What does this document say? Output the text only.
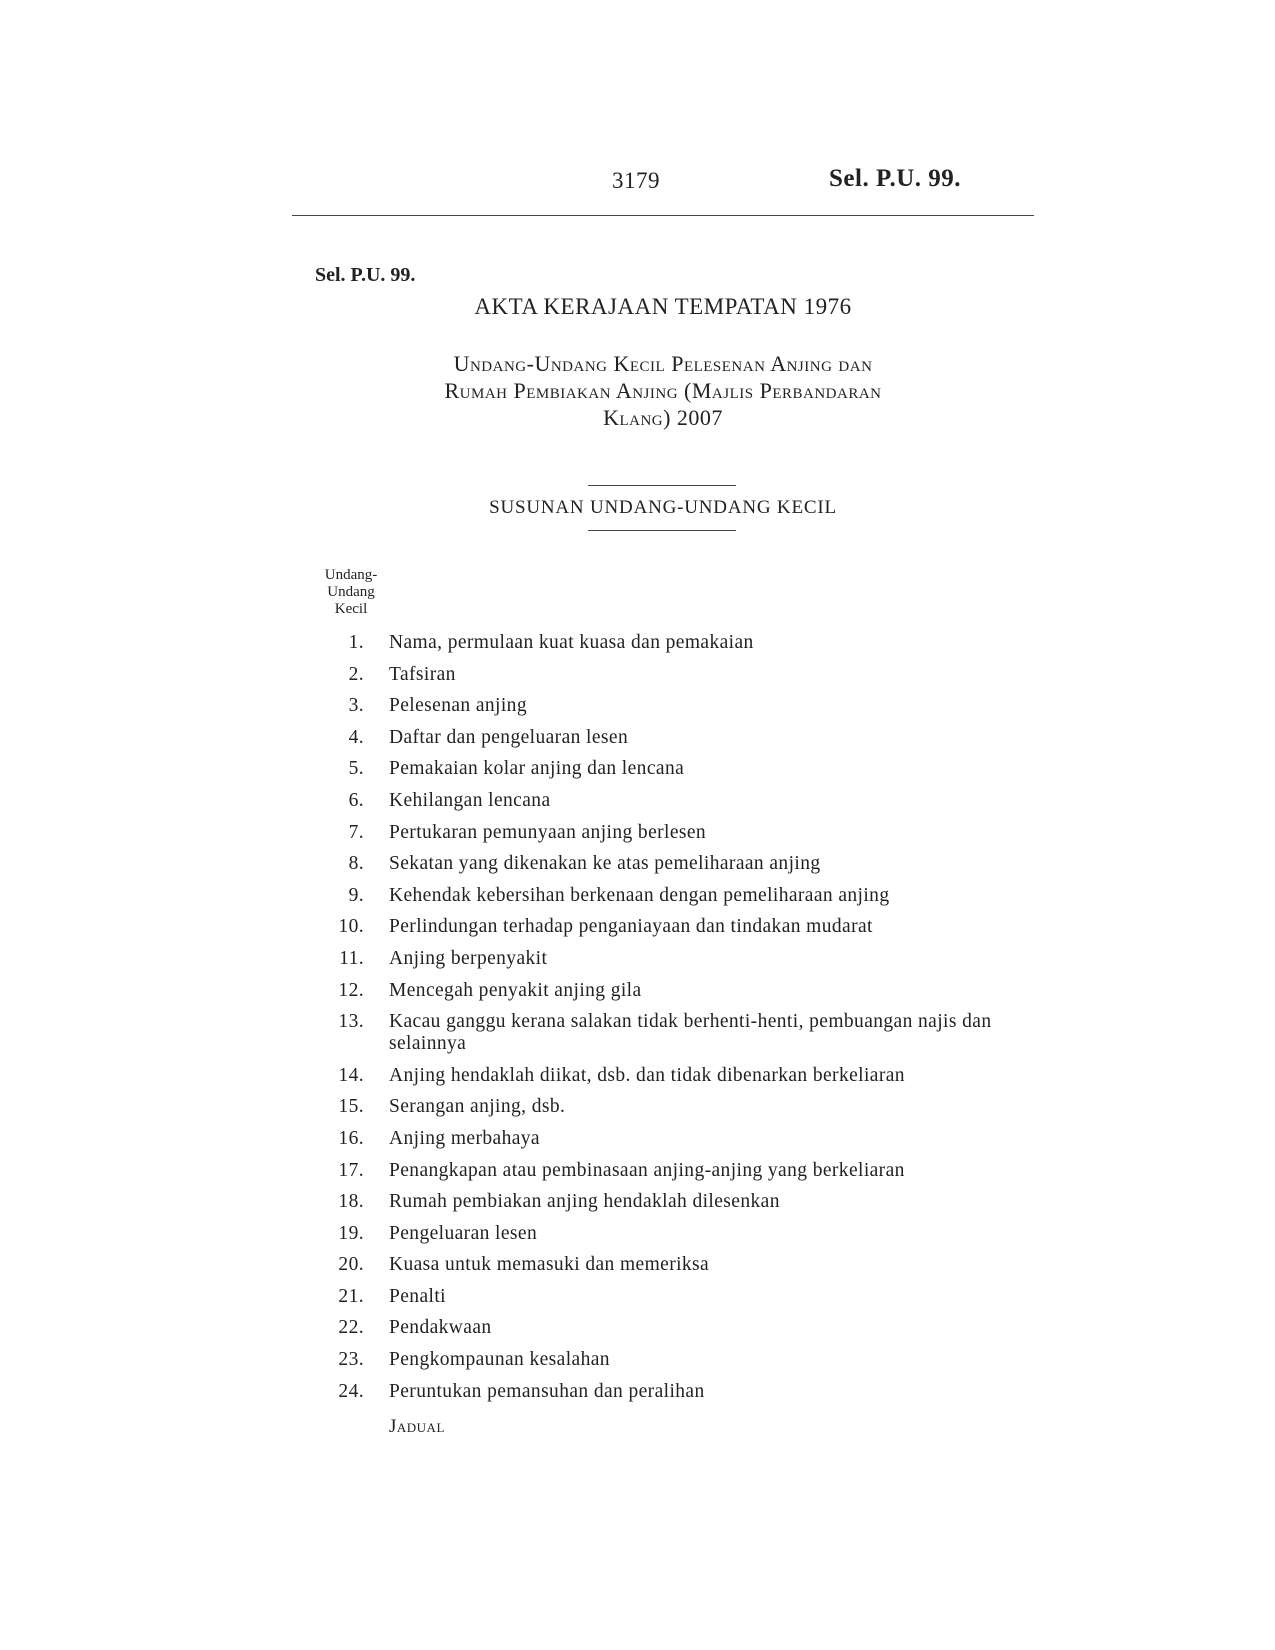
3179	Sel. P.U. 99.
Sel. P.U. 99.
AKTA KERAJAAN TEMPATAN 1976
Undang-Undang Kecil Pelesenan Anjing dan
Rumah Pembiakan Anjing (Majlis Perbandaran
Klang) 2007
SUSUNAN UNDANG-UNDANG KECIL
Undang-
Undang
Kecil
1. Nama, permulaan kuat kuasa dan pemakaian
2. Tafsiran
3. Pelesenan anjing
4. Daftar dan pengeluaran lesen
5. Pemakaian kolar anjing dan lencana
6. Kehilangan lencana
7. Pertukaran pemunyaan anjing berlesen
8. Sekatan yang dikenakan ke atas pemeliharaan anjing
9. Kehendak kebersihan berkenaan dengan pemeliharaan anjing
10. Perlindungan terhadap penganiayaan dan tindakan mudarat
11. Anjing berpenyakit
12. Mencegah penyakit anjing gila
13. Kacau ganggu kerana salakan tidak berhenti-henti, pembuangan najis dan selainnya
14. Anjing hendaklah diikat, dsb. dan tidak dibenarkan berkeliaran
15. Serangan anjing, dsb.
16. Anjing merbahaya
17. Penangkapan atau pembinasaan anjing-anjing yang berkeliaran
18. Rumah pembiakan anjing hendaklah dilesenkan
19. Pengeluaran lesen
20. Kuasa untuk memasuki dan memeriksa
21. Penalti
22. Pendakwaan
23. Pengkompaunan kesalahan
24. Peruntukan pemansuhan dan peralihan
Jadual
